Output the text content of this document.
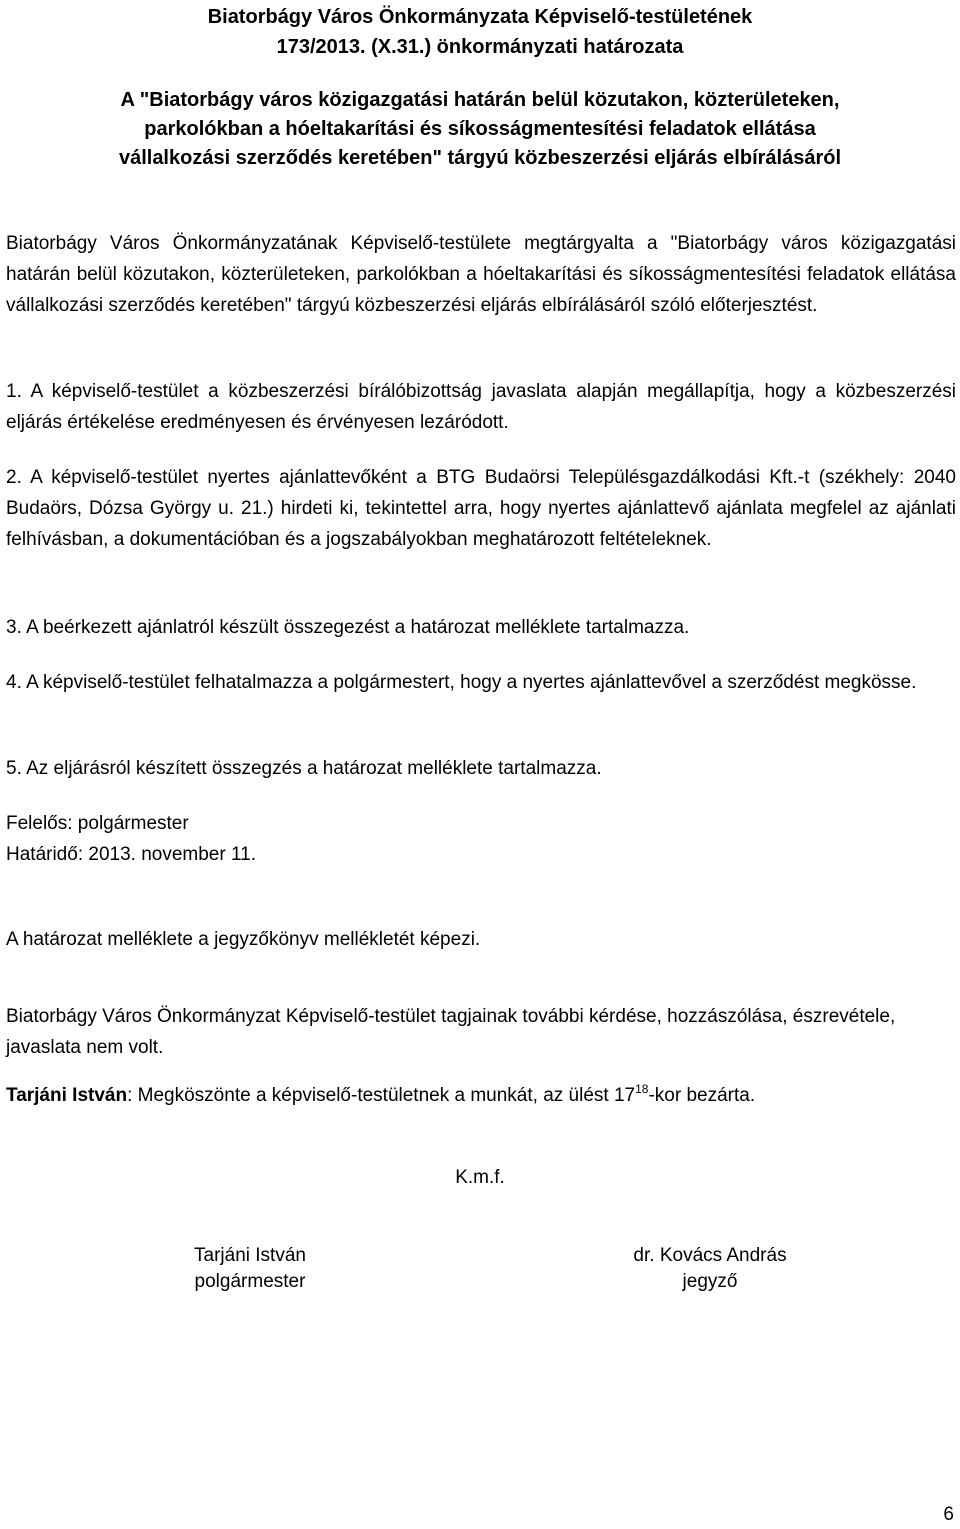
Biatorbágy Város Önkormányzata Képviselő-testületének
173/2013. (X.31.) önkormányzati határozata
A "Biatorbágy város közigazgatási határán belül közutakon, közterületeken,
parkolókban a hóeltakarítási és síkosságmentesítési feladatok ellátása
vállalkozási szerződés keretében" tárgyú közbeszerzési eljárás elbírálásáról
Biatorbágy Város Önkormányzatának Képviselő-testülete megtárgyalta a "Biatorbágy város közigazgatási határán belül közutakon, közterületeken, parkolókban a hóeltakarítási és síkosságmentesítési feladatok ellátása vállalkozási szerződés keretében" tárgyú közbeszerzési eljárás elbírálásáról szóló előterjesztést.
1. A képviselő-testület a közbeszerzési bírálóbizottság javaslata alapján megállapítja, hogy a közbeszerzési eljárás értékelése eredményesen és érvényesen lezáródott.
2. A képviselő-testület nyertes ajánlattevőként a BTG Budaörsi Településgazdálkodási Kft.-t (székhely: 2040 Budaörs, Dózsa György u. 21.) hirdeti ki, tekintettel arra, hogy nyertes ajánlattevő ajánlata megfelel az ajánlati felhívásban, a dokumentációban és a jogszabályokban meghatározott feltételeknek.
3. A beérkezett ajánlatról készült összegezést a határozat melléklete tartalmazza.
4. A képviselő-testület felhatalmazza a polgármestert, hogy a nyertes ajánlattevővel a szerződést megkösse.
5. Az eljárásról készített összegzés a határozat melléklete tartalmazza.
Felelős: polgármester
Határidő: 2013. november 11.
A határozat melléklete a jegyzőkönyv mellékletét képezi.
Biatorbágy Város Önkormányzat Képviselő-testület tagjainak további kérdése, hozzászólása, észrevétele, javaslata nem volt.
Tarjáni István: Megköszönte a képviselő-testületnek a munkát, az ülést $17^{18}$-kor bezárta.
K.m.f.
Tarjáni István
polgármester
dr. Kovács András
jegyző
6
